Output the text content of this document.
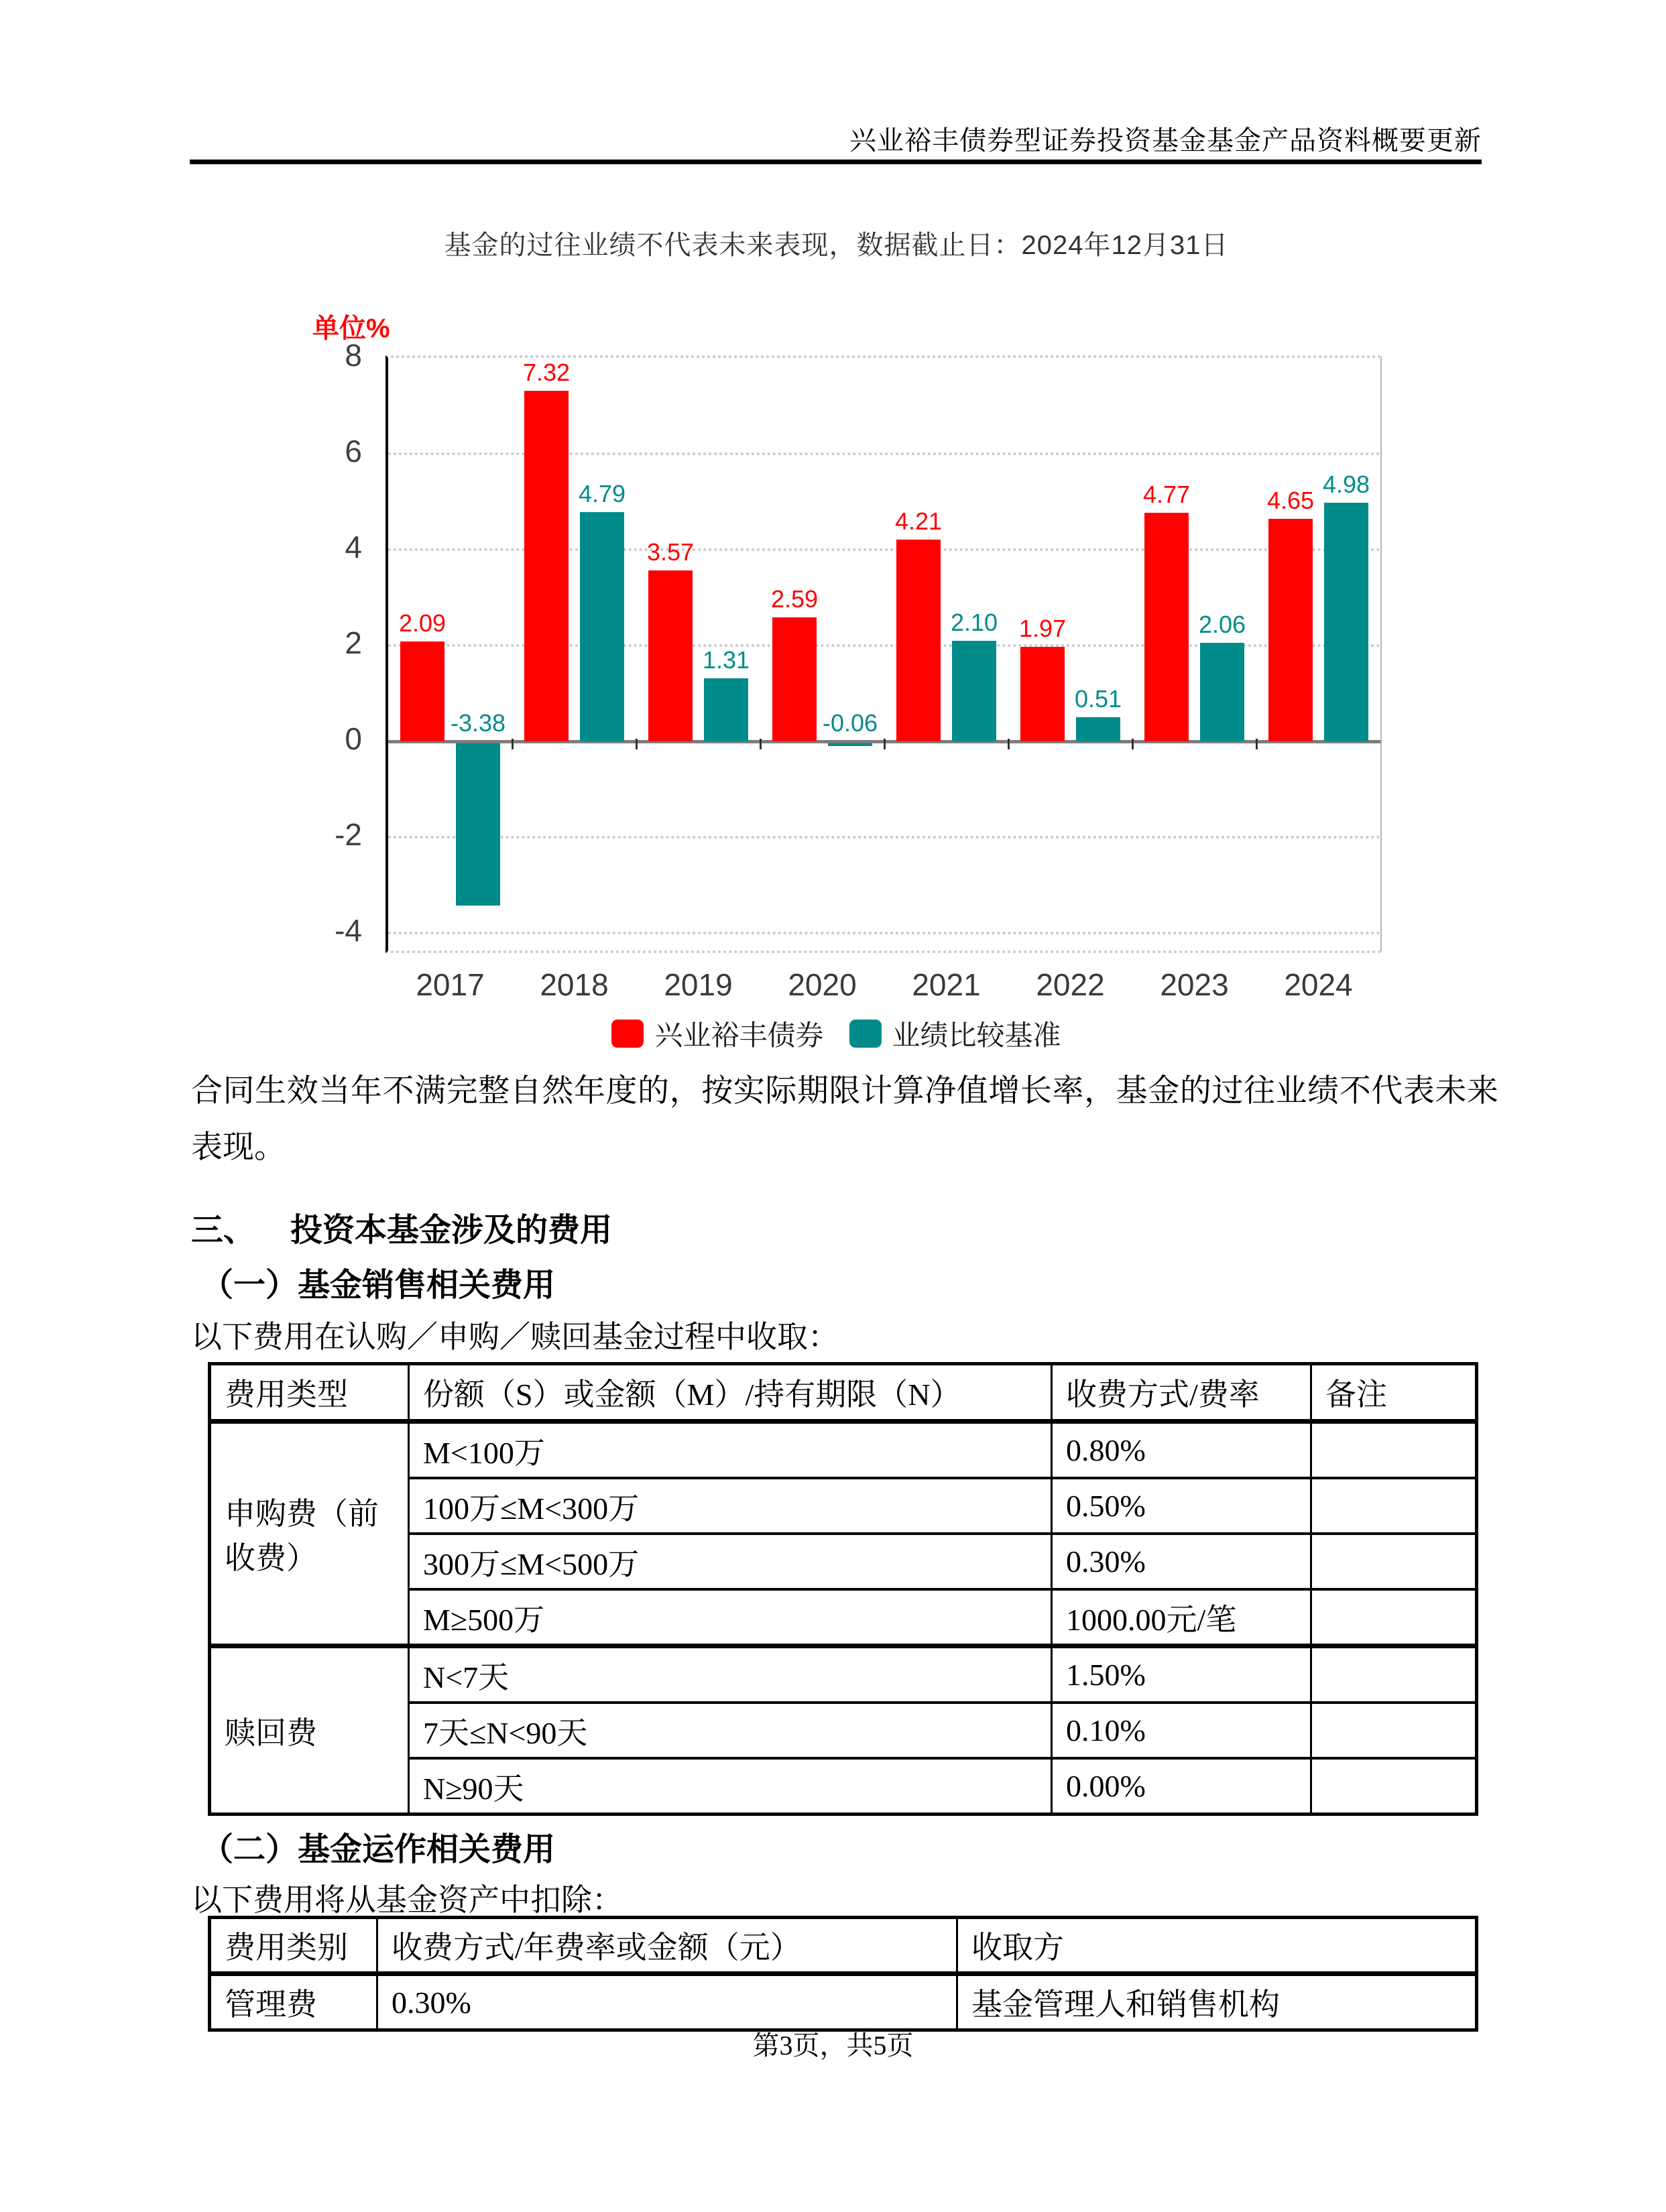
兴业裕丰债券型证券投资基金基金产品资料概要更新
基金的过往业绩不代表未来表现，数据截止日：2024年12月31日
单位%
8
6
4
2
0
-2
-4
2.09
-3.38
2017
7.32
4.79
2018
3.57
1.31
2019
2.59
-0.06
2020
4.21
2.10
2021
1.97
0.51
2022
4.77
2.06
2023
4.65
4.98
2024
兴业裕丰债券 业绩比较基准
合同生效当年不满完整自然年度的，按实际期限计算净值增长率，基金的过往业绩不代表未来表现。
三、 投资本基金涉及的费用
（一）基金销售相关费用
以下费用在认购／申购／赎回基金过程中收取：
费用类型	份额（S）或金额（M）/持有期限（N）	收费方式/费率	备注
申购费（前收费）	M<100万	0.80%	
	100万≤M<300万	0.50%	
	300万≤M<500万	0.30%	
	M≥500万	1000.00元/笔	
赎回费	N<7天	1.50%	
	7天≤N<90天	0.10%	
	N≥90天	0.00%	
（二）基金运作相关费用
以下费用将从基金资产中扣除：
费用类别	收费方式/年费率或金额（元）	收取方
管理费	0.30%	基金管理人和销售机构
第3页，共5页
